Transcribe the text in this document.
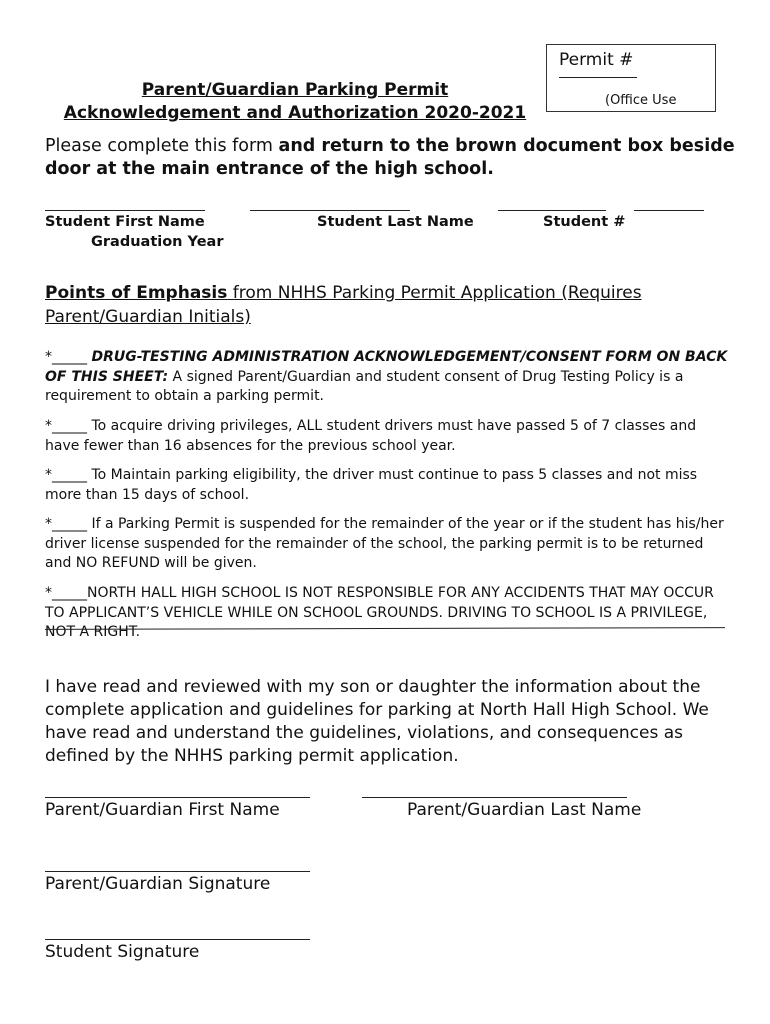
Permit #
(Office Use
Parent/Guardian Parking Permit
Acknowledgement and Authorization 2020-2021
Please complete this form and return to the brown document box beside door at the main entrance of the high school.
Student First Name	Student Last Name	Student #
Graduation Year
Points of Emphasis from NHHS Parking Permit Application (Requires Parent/Guardian Initials)
*_____ DRUG-TESTING ADMINISTRATION ACKNOWLEDGEMENT/CONSENT FORM ON BACK OF THIS SHEET: A signed Parent/Guardian and student consent of Drug Testing Policy is a requirement to obtain a parking permit.
*_____ To acquire driving privileges, ALL student drivers must have passed 5 of 7 classes and have fewer than 16 absences for the previous school year.
*_____ To Maintain parking eligibility, the driver must continue to pass 5 classes and not miss more than 15 days of school.
*_____ If a Parking Permit is suspended for the remainder of the year or if the student has his/her driver license suspended for the remainder of the school, the parking permit is to be returned and NO REFUND will be given.
*_____NORTH HALL HIGH SCHOOL IS NOT RESPONSIBLE FOR ANY ACCIDENTS THAT MAY OCCUR TO APPLICANT’S VEHICLE WHILE ON SCHOOL GROUNDS. DRIVING TO SCHOOL IS A PRIVILEGE, NOT A RIGHT.
I have read and reviewed with my son or daughter the information about the complete application and guidelines for parking at North Hall High School. We have read and understand the guidelines, violations, and consequences as defined by the NHHS parking permit application.
Parent/Guardian First Name	Parent/Guardian Last Name
Parent/Guardian Signature
Student Signature
